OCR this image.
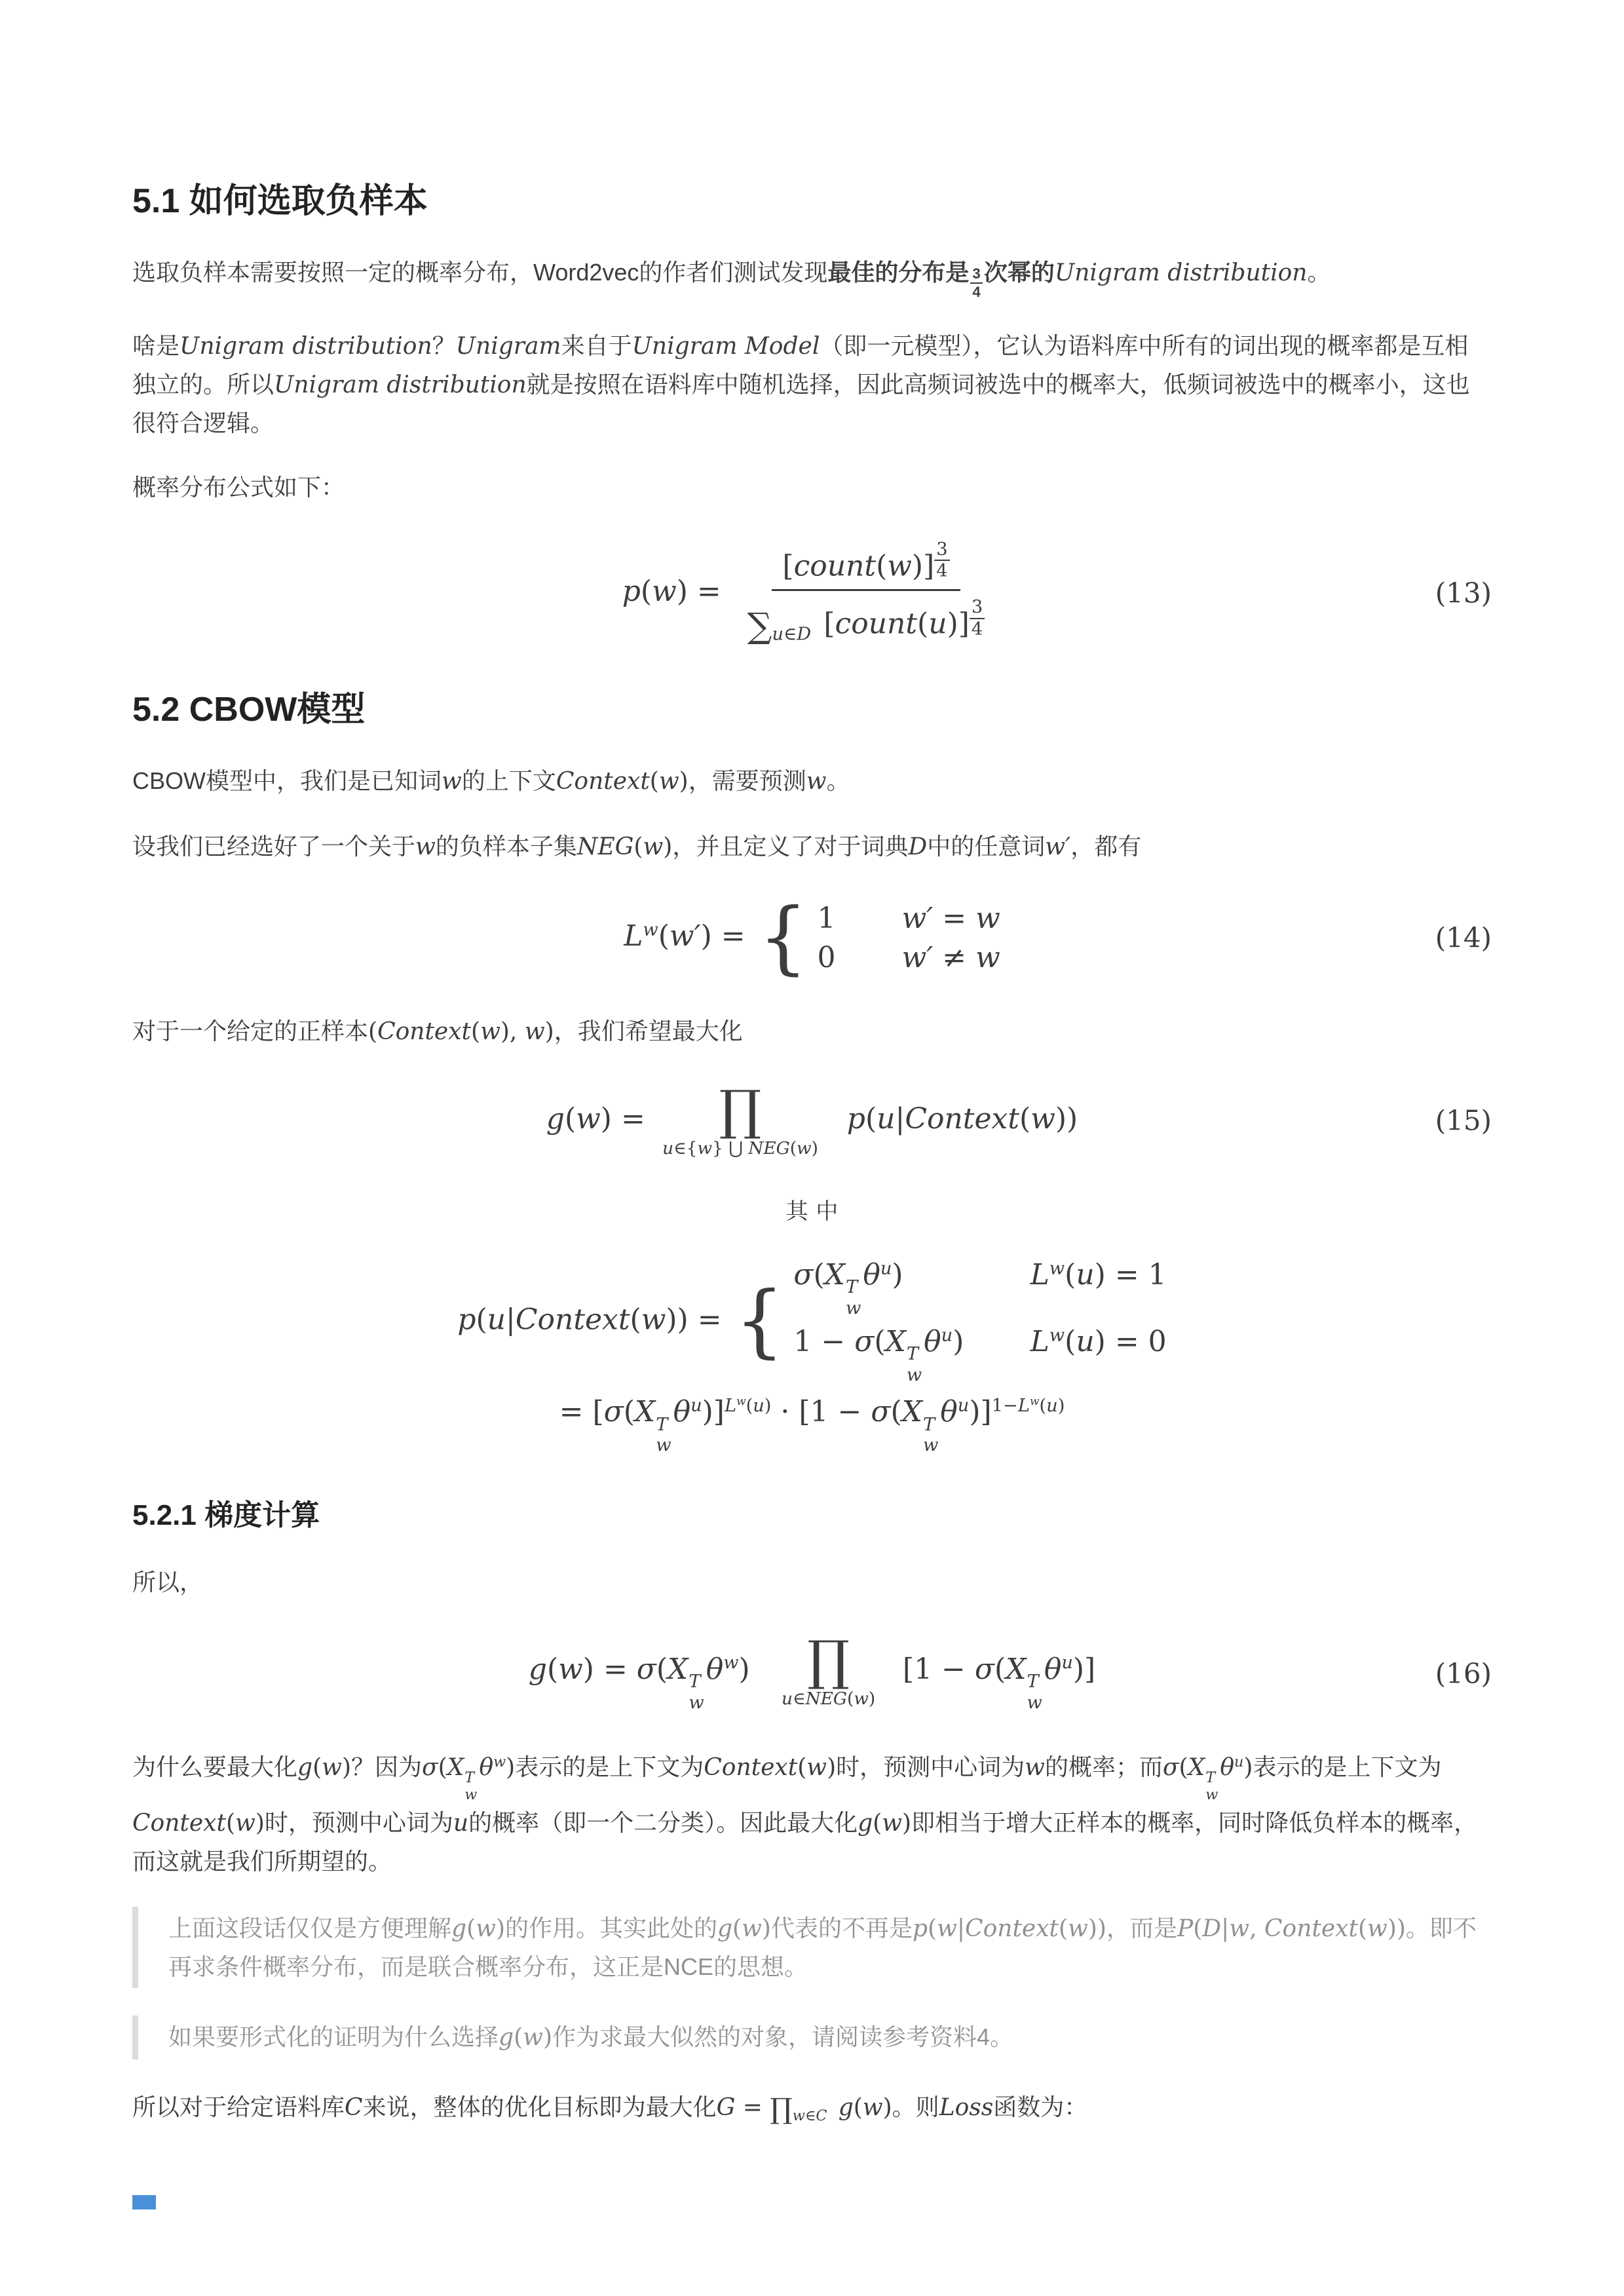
5.1 如何选取负样本

选取负样本需要按照一定的概率分布，Word2vec的作者们测试发现最佳的分布是 $\frac{3}{4}$ 次幂的Unigram distribution。

啥是Unigram distribution？Unigram来自于Unigram Model（即一元模型），它认为语料库中所有的词出现的概率都是互相独立的。所以Unigram distribution就是按照在语料库中随机选择，因此高频词被选中的概率大，低频词被选中的概率小，这也很符合逻辑。

概率分布公式如下：

p(w) =
[count(w)] $^{\frac{3}{4}}$
$\sum_{u\in D}$ [count(u)] $^{\frac{3}{4}}$
(13)
5.2 CBOW模型

CBOW模型中，我们是已知词w的上下文Context(w)，需要预测w。

设我们已经选好了一个关于w的负样本子集NEG(w)，并且定义了对于词典D中的任意词w′，都有

$L^w(w')$ = { 1 w′ = w
0 w′ ≠ w
(14)

对于一个给定的正样本(Context(w), w)，我们希望最大化

g(w) = ∏
u∈{w} ⋃ NEG(w)
p(u|Context(w))	(15)
其中
p(u|Context(w)) = {
σ(X T
w
$\theta^u$)	$L^w(u) = 1$
1 − σ(X T
w
$\theta^u$) $L^w(u) = 0$
= [σ(X T
w
$\theta^u)]^{L^w(u)} \cdot [1 - \sigma(X$ T
w
$\theta^u)]^{1-L^w(u)}$
5.2.1 梯度计算

所以，

g(w) = σ(X T
w
$\theta^w$) ∏
u∈NEG(w)
[1 − σ(X T
w
$\theta^u$)]	(16)

为什么要最大化g(w)？因为σ(X T
w
$\theta^w$)表示的是上下文为Context(w)时，预测中心词为w的概率；而σ(X T
w
$\theta^u$)表示的是上下文为Context(w)时，预测中心词为u的概率（即一个二分类）。因此最大化g(w)即相当于增大正样本的概率，同时降低负样本的概率，而这就是我们所期望的。

上面这段话仅仅是方便理解g(w)的作用。其实此处的g(w)代表的不再是p(w|Context(w))，而是P(D|w, Context(w))。即不再求条件概率分布，而是联合概率分布，这正是NCE的思想。
如果要形式化的证明为什么选择g(w)作为求最大似然的对象，请阅读参考资料4。

所以对于给定语料库C来说，整体的优化目标即为最大化$G = \prod_{w\in C}$ g(w)。则Loss函数为：
